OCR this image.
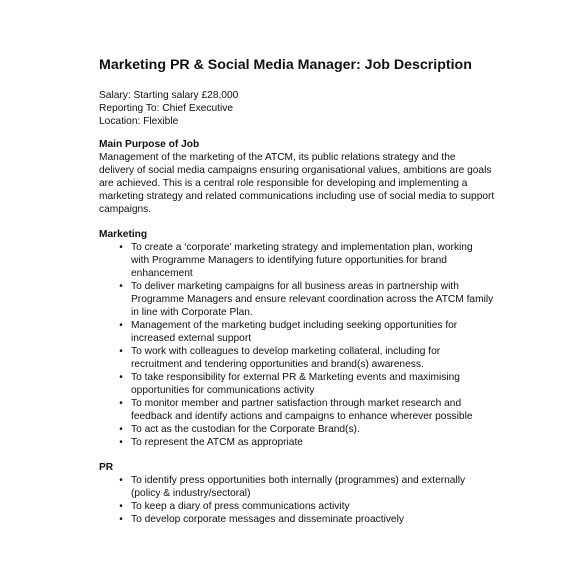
Marketing PR & Social Media Manager: Job Description
Salary: Starting salary £28,000
Reporting To: Chief Executive
Location: Flexible
Main Purpose of Job
Management of the marketing of the ATCM, its public relations strategy and the
delivery of social media campaigns ensuring organisational values, ambitions are goals
are achieved. This is a central role responsible for developing and implementing a
marketing strategy and related communications including use of social media to support
campaigns.
Marketing
• To create a ‘corporate’ marketing strategy and implementation plan, working
with Programme Managers to identifying future opportunities for brand
enhancement
• To deliver marketing campaigns for all business areas in partnership with
Programme Managers and ensure relevant coordination across the ATCM family
in line with Corporate Plan.
• Management of the marketing budget including seeking opportunities for
increased external support
• To work with colleagues to develop marketing collateral, including for
recruitment and tendering opportunities and brand(s) awareness.
• To take responsibility for external PR & Marketing events and maximising
opportunities for communications activity
• To monitor member and partner satisfaction through market research and
feedback and identify actions and campaigns to enhance wherever possible
• To act as the custodian for the Corporate Brand(s).
• To represent the ATCM as appropriate
PR
• To identify press opportunities both internally (programmes) and externally
(policy & industry/sectoral)
• To keep a diary of press communications activity
• To develop corporate messages and disseminate proactively
